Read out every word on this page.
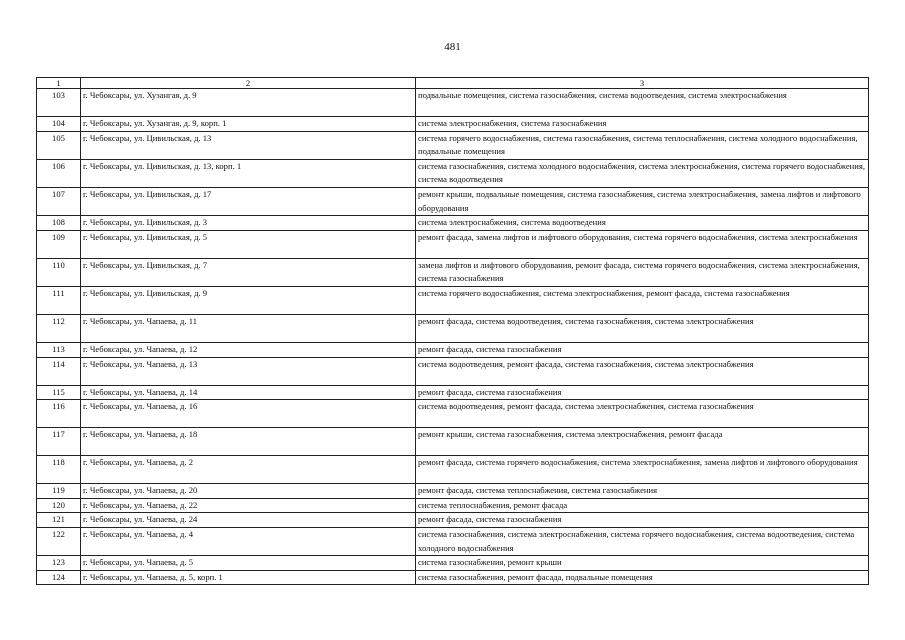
481
1	2	3
103	г. Чебоксары, ул. Хузангая, д. 9	подвальные помещения, система газоснабжения, система водоотведения, система электроснабжения
104	г. Чебоксары, ул. Хузангая, д. 9, корп. 1	система электроснабжения, система газоснабжения
105	г. Чебоксары, ул. Цивильская, д. 13	система горячего водоснабжения, система газоснабжения, система теплоснабжения, система холодного водоснабжения, подвальные помещения
106	г. Чебоксары, ул. Цивильская, д. 13, корп. 1	система газоснабжения, система холодного водоснабжения, система электроснабжения, система горячего водоснабжения, система водоотведения
107	г. Чебоксары, ул. Цивильская, д. 17	ремонт крыши, подвальные помещения, система газоснабжения, система электроснабжения, замена лифтов и лифтового оборудования
108	г. Чебоксары, ул. Цивильская, д. 3	система электроснабжения, система водоотведения
109	г. Чебоксары, ул. Цивильская, д. 5	ремонт фасада, замена лифтов и лифтового оборудования, система горячего водоснабжения, система электроснабжения
110	г. Чебоксары, ул. Цивильская, д. 7	замена лифтов и лифтового оборудования, ремонт фасада, система горячего водоснабжения, система электроснабжения, система газоснабжения
111	г. Чебоксары, ул. Цивильская, д. 9	система горячего водоснабжения, система электроснабжения, ремонт фасада, система газоснабжения
112	г. Чебоксары, ул. Чапаева, д. 11	ремонт фасада, система водоотведения, система газоснабжения, система электроснабжения
113	г. Чебоксары, ул. Чапаева, д. 12	ремонт фасада, система газоснабжения
114	г. Чебоксары, ул. Чапаева, д. 13	система водоотведения, ремонт фасада, система газоснабжения, система электроснабжения
115	г. Чебоксары, ул. Чапаева, д. 14	ремонт фасада, система газоснабжения
116	г. Чебоксары, ул. Чапаева, д. 16	система водоотведения, ремонт фасада, система электроснабжения, система газоснабжения
117	г. Чебоксары, ул. Чапаева, д. 18	ремонт крыши, система газоснабжения, система электроснабжения, ремонт фасада
118	г. Чебоксары, ул. Чапаева, д. 2	ремонт фасада, система горячего водоснабжения, система электроснабжения, замена лифтов и лифтового оборудования
119	г. Чебоксары, ул. Чапаева, д. 20	ремонт фасада, система теплоснабжения, система газоснабжения
120	г. Чебоксары, ул. Чапаева, д. 22	система теплоснабжения, ремонт фасада
121	г. Чебоксары, ул. Чапаева, д. 24	ремонт фасада, система газоснабжения
122	г. Чебоксары, ул. Чапаева, д. 4	система газоснабжения, система электроснабжения, система горячего водоснабжения, система водоотведения, система холодного водоснабжения
123	г. Чебоксары, ул. Чапаева, д. 5	система газоснабжения, ремонт крыши
124	г. Чебоксары, ул. Чапаева, д. 5, корп. 1	система газоснабжения, ремонт фасада, подвальные помещения
